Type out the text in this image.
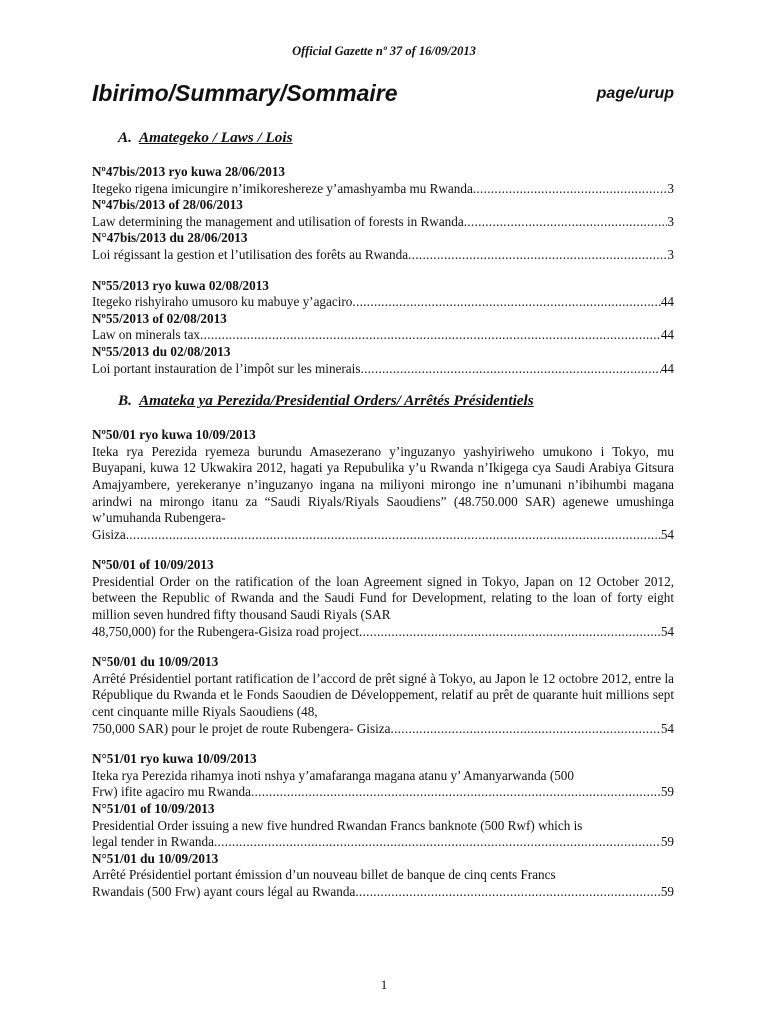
Official Gazette nº 37 of 16/09/2013
Ibirimo/Summary/Sommaire	page/urup
A. Amategeko / Laws / Lois
Nº47bis/2013 ryo kuwa 28/06/2013
Itegeko rigena imicungire n’imikoreshereze y’amashyamba mu Rwanda .....	3
Nº47bis/2013 of 28/06/2013
Law determining the management and utilisation of forests in Rwanda .....	3
N°47bis/2013 du 28/06/2013
Loi régissant la gestion et l’utilisation des forêts au Rwanda .....	3
Nº55/2013 ryo kuwa 02/08/2013
Itegeko rishyiraho umusoro ku mabuye y’agaciro .....	44
Nº55/2013 of 02/08/2013
Law on minerals tax .....	44
Nº55/2013 du 02/08/2013
Loi portant instauration de l’impôt sur les minerais .....	44
B. Amateka ya Perezida/Presidential Orders/ Arrêtés Présidentiels
Nº50/01 ryo kuwa 10/09/2013
Iteka rya Perezida ryemeza burundu Amasezerano y’inguzanyo yashyiriweho umukono i Tokyo, mu Buyapani, kuwa 12 Ukwakira 2012, hagati ya Repubulika y’u Rwanda n’Ikigega cya Saudi Arabiya Gitsura Amajyambere, yerekeranye n’inguzanyo ingana na miliyoni mirongo ine n’umunani n’ibihumbi magana arindwi na mirongo itanu za “Saudi Riyals/Riyals Saoudiens” (48.750.000 SAR) agenewe umushinga w’umuhanda Rubengera-
Gisiza .....	54
Nº50/01 of 10/09/2013
Presidential Order on the ratification of the loan Agreement signed in Tokyo, Japan on 12 October 2012, between the Republic of Rwanda and the Saudi Fund for Development, relating to the loan of forty eight million seven hundred fifty thousand Saudi Riyals (SAR
48,750,000) for the Rubengera-Gisiza road project .....	54
N°50/01 du 10/09/2013
Arrêté Présidentiel portant ratification de l’accord de prêt signé à Tokyo, au Japon le 12 octobre 2012, entre la République du Rwanda et le Fonds Saoudien de Développement, relatif au prêt de quarante huit millions sept cent cinquante mille Riyals Saoudiens (48,
750,000 SAR) pour le projet de route Rubengera- Gisiza .....	54
N°51/01 ryo kuwa 10/09/2013
Iteka rya Perezida rihamya inoti nshya y’amafaranga magana atanu y’ Amanyarwanda (500
Frw) ifite agaciro mu Rwanda .....	59
N°51/01 of 10/09/2013
Presidential Order issuing a new five hundred Rwandan Francs banknote (500 Rwf) which is
legal tender in Rwanda .....	59
N°51/01 du 10/09/2013
Arrêté Présidentiel portant émission d’un nouveau billet de banque de cinq cents Francs
Rwandais (500 Frw) ayant cours légal au Rwanda .....	59
1
